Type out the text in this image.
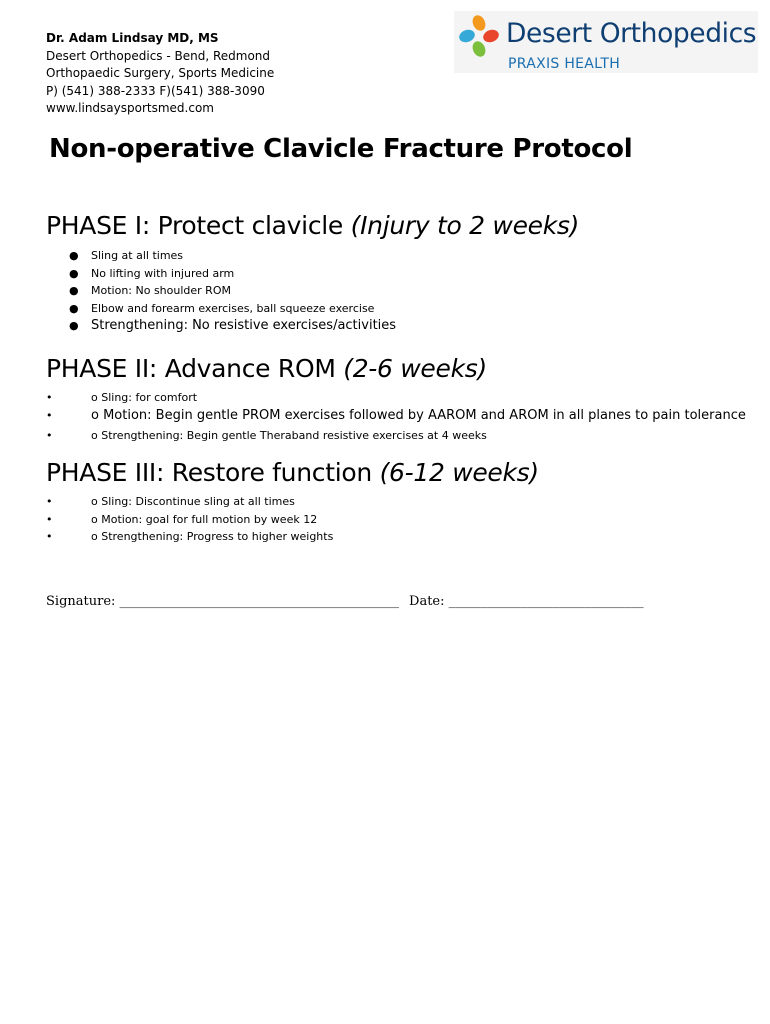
Dr. Adam Lindsay MD, MS
Desert Orthopedics - Bend, Redmond
Orthopaedic Surgery, Sports Medicine
P) (541) 388-2333 F)(541) 388-3090
www.lindsaysportsmed.com
Desert Orthopedics
PRAXIS HEALTH
Non-operative Clavicle Fracture Protocol
PHASE I: Protect clavicle (Injury to 2 weeks)
● Sling at all times
● No lifting with injured arm
● Motion: No shoulder ROM
● Elbow and forearm exercises, ball squeeze exercise
● Strengthening: No resistive exercises/activities
PHASE II: Advance ROM (2-6 weeks)
•	o Sling: for comfort
•	o Motion: Begin gentle PROM exercises followed by AAROM and AROM in all planes to pain tolerance
•	o Strengthening: Begin gentle Theraband resistive exercises at 4 weeks
PHASE III: Restore function (6-12 weeks)
•	o Sling: Discontinue sling at all times
•	o Motion: goal for full motion by week 12
•	o Strengthening: Progress to higher weights
Signature: ___________________________________________ Date: ______________________________
